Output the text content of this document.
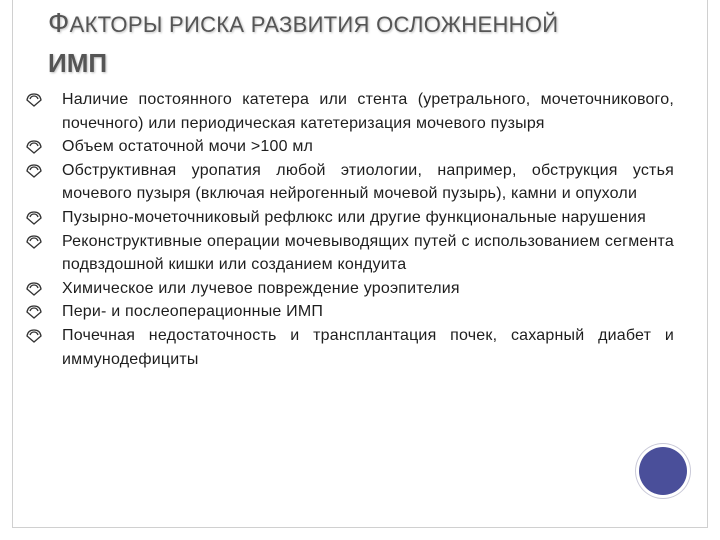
ФАКТОРЫ РИСКА РАЗВИТИЯ ОСЛОЖНЕННОЙ
ИМП
Наличие постоянного катетера или стента (уретрального, мочеточникового, почечного) или периодическая катетеризация мочевого пузыря
Объем остаточной мочи >100 мл
Обструктивная уропатия любой этиологии, например, обструкция устья мочевого пузыря (включая нейрогенный мочевой пузырь), камни и опухоли
Пузырно-мочеточниковый рефлюкс или другие функциональные нарушения
Реконструктивные операции мочевыводящих путей с использованием сегмента подвздошной кишки или созданием кондуита
Химическое или лучевое повреждение уроэпителия
Пери- и послеоперационные ИМП
Почечная недостаточность и трансплантация почек, сахарный диабет и иммунодефициты
